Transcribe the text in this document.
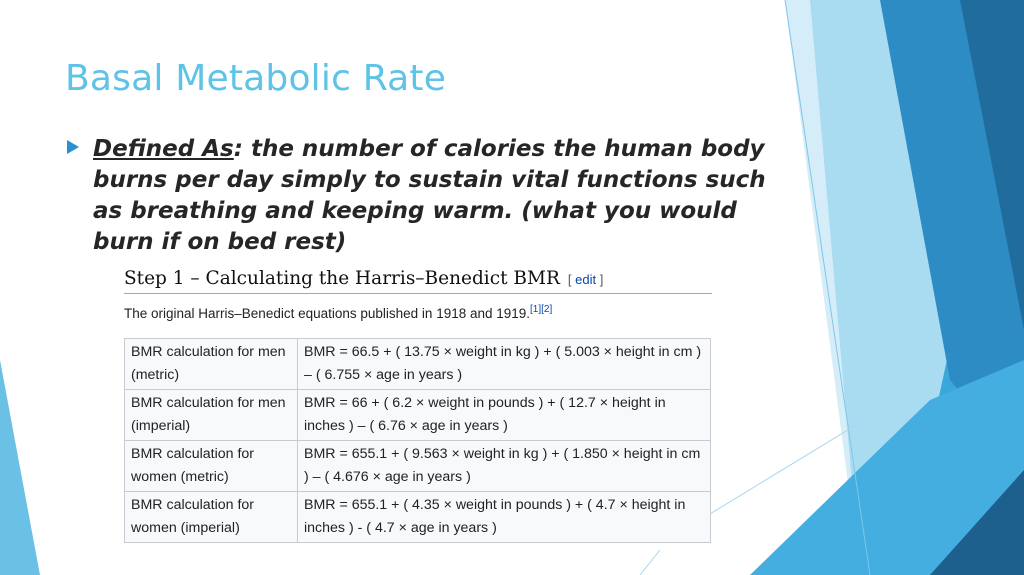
Basal Metabolic Rate
Defined As: the number of calories the human body burns per day simply to sustain vital functions such as breathing and keeping warm. (what you would burn if on bed rest)
Step 1 – Calculating the Harris–Benedict BMR [ edit ]
The original Harris–Benedict equations published in 1918 and 1919.[1][2]
BMR calculation for men (metric)	BMR = 66.5 + ( 13.75 × weight in kg ) + ( 5.003 × height in cm ) – ( 6.755 × age in years )
BMR calculation for men (imperial)	BMR = 66 + ( 6.2 × weight in pounds ) + ( 12.7 × height in inches ) – ( 6.76 × age in years )
BMR calculation for women (metric)	BMR = 655.1 + ( 9.563 × weight in kg ) + ( 1.850 × height in cm ) – ( 4.676 × age in years )
BMR calculation for women (imperial)	BMR = 655.1 + ( 4.35 × weight in pounds ) + ( 4.7 × height in inches ) - ( 4.7 × age in years )
